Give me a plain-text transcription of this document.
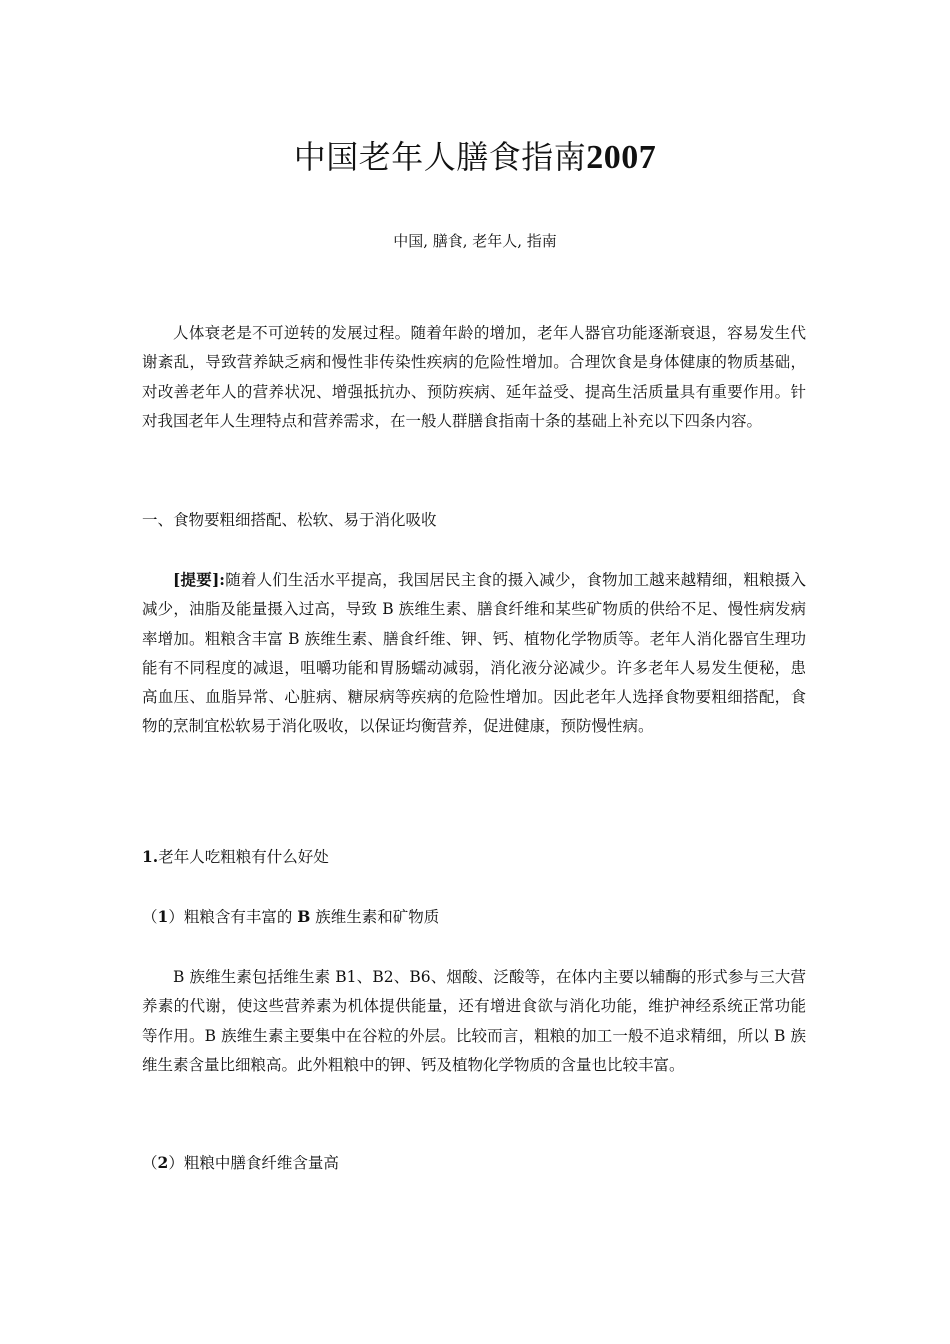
中国老年人膳食指南2007
中国, 膳食, 老年人, 指南

人体衰老是不可逆转的发展过程。随着年龄的增加，老年人器官功能逐渐衰退，容易发生代谢紊乱，导致营养缺乏病和慢性非传染性疾病的危险性增加。合理饮食是身体健康的物质基础，对改善老年人的营养状况、增强抵抗办、预防疾病、延年益受、提高生活质量具有重要作用。针对我国老年人生理特点和营养需求，在一般人群膳食指南十条的基础上补充以下四条内容。

一、食物要粗细搭配、松软、易于消化吸收

[提要]:随着人们生活水平提高，我国居民主食的摄入减少，食物加工越来越精细，粗粮摄入减少，油脂及能量摄入过高，导致 B 族维生素、膳食纤维和某些矿物质的供给不足、慢性病发病率增加。粗粮含丰富 B 族维生素、膳食纤维、钾、钙、植物化学物质等。老年人消化器官生理功能有不同程度的减退，咀嚼功能和胃肠蠕动减弱，消化液分泌减少。许多老年人易发生便秘，患高血压、血脂异常、心脏病、糖尿病等疾病的危险性增加。因此老年人选择食物要粗细搭配，食物的烹制宜松软易于消化吸收，以保证均衡营养，促进健康，预防慢性病。

1.老年人吃粗粮有什么好处

（1）粗粮含有丰富的 B 族维生素和矿物质

B 族维生素包括维生素 B1、B2、B6、烟酸、泛酸等，在体内主要以辅酶的形式参与三大营养素的代谢，使这些营养素为机体提供能量，还有增进食欲与消化功能，维护神经系统正常功能等作用。B 族维生素主要集中在谷粒的外层。比较而言，粗粮的加工一般不追求精细，所以 B 族维生素含量比细粮高。此外粗粮中的钾、钙及植物化学物质的含量也比较丰富。

（2）粗粮中膳食纤维含量高
